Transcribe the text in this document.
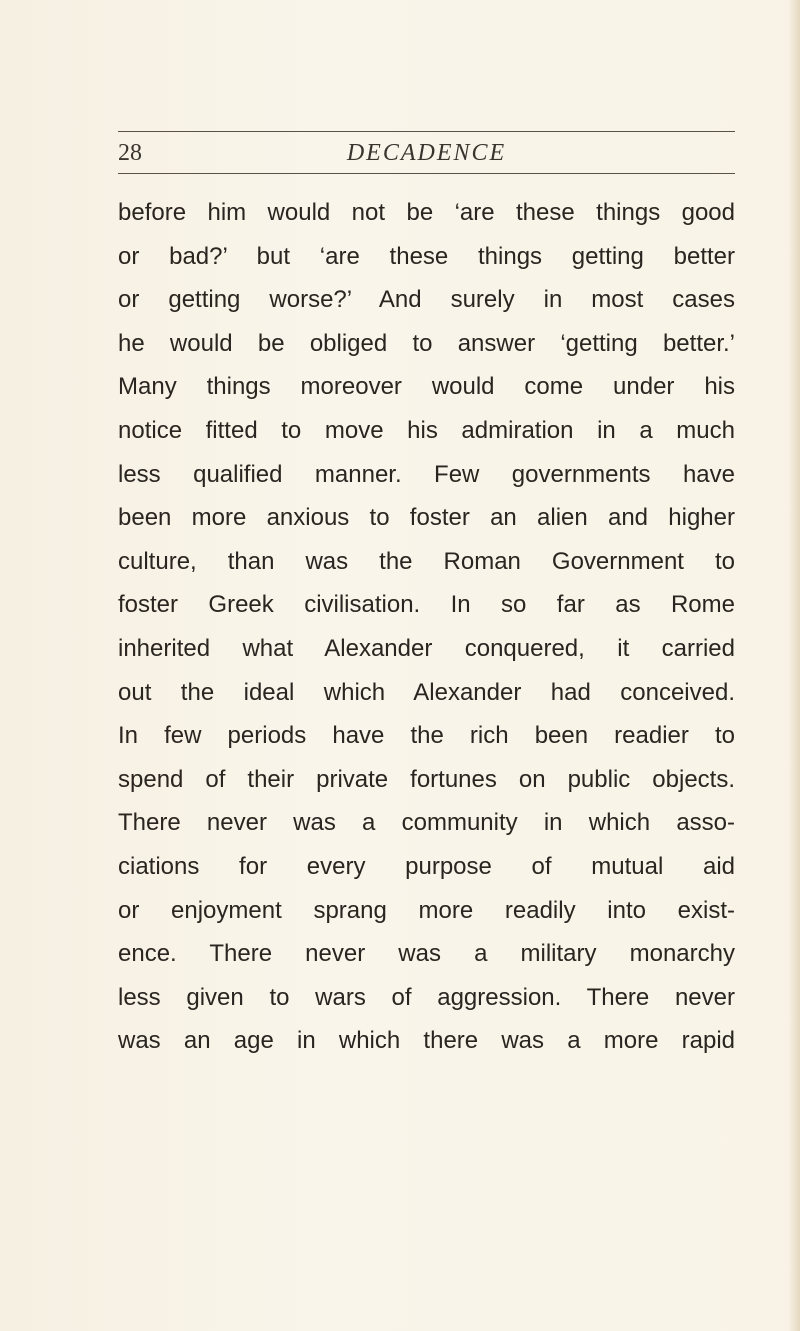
28	DECADENCE
before him would not be ‘are these things good
or bad?’ but ‘are these things getting better
or getting worse?’ And surely in most cases
he would be obliged to answer ‘getting better.’
Many things moreover would come under his
notice fitted to move his admiration in a much
less qualified manner. Few governments have
been more anxious to foster an alien and higher
culture, than was the Roman Government to
foster Greek civilisation. In so far as Rome
inherited what Alexander conquered, it carried
out the ideal which Alexander had conceived.
In few periods have the rich been readier to
spend of their private fortunes on public objects.
There never was a community in which asso-
ciations for every purpose of mutual aid
or enjoyment sprang more readily into exist-
ence. There never was a military monarchy
less given to wars of aggression. There never
was an age in which there was a more rapid
